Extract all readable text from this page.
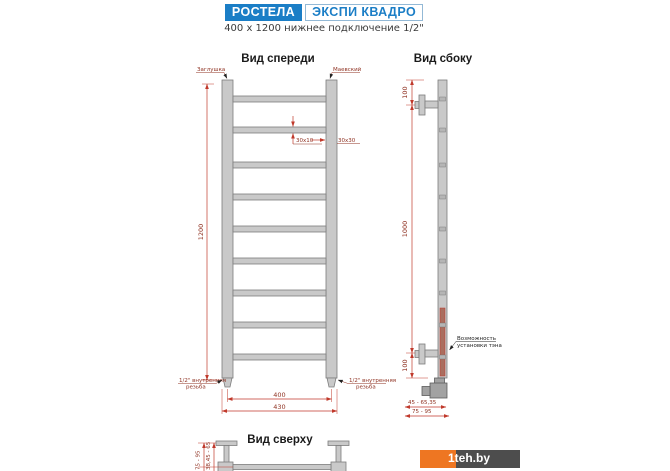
РОСТЕЛА ЭКСПИ КВАДРО
400 x 1200 нижнее подключение 1/2"
Вид спереди
Заглушка	Маевский
1200
30x10	30x30
1/2" внутренняя
резьба
1/2" внутренняя
резьба
400
430
Вид сбоку
100
1000
100
Возможность
установки тэна
45 - 65,35
75 - 95
Вид сверху
75 - 95 38,45 - 65	1teh.by
